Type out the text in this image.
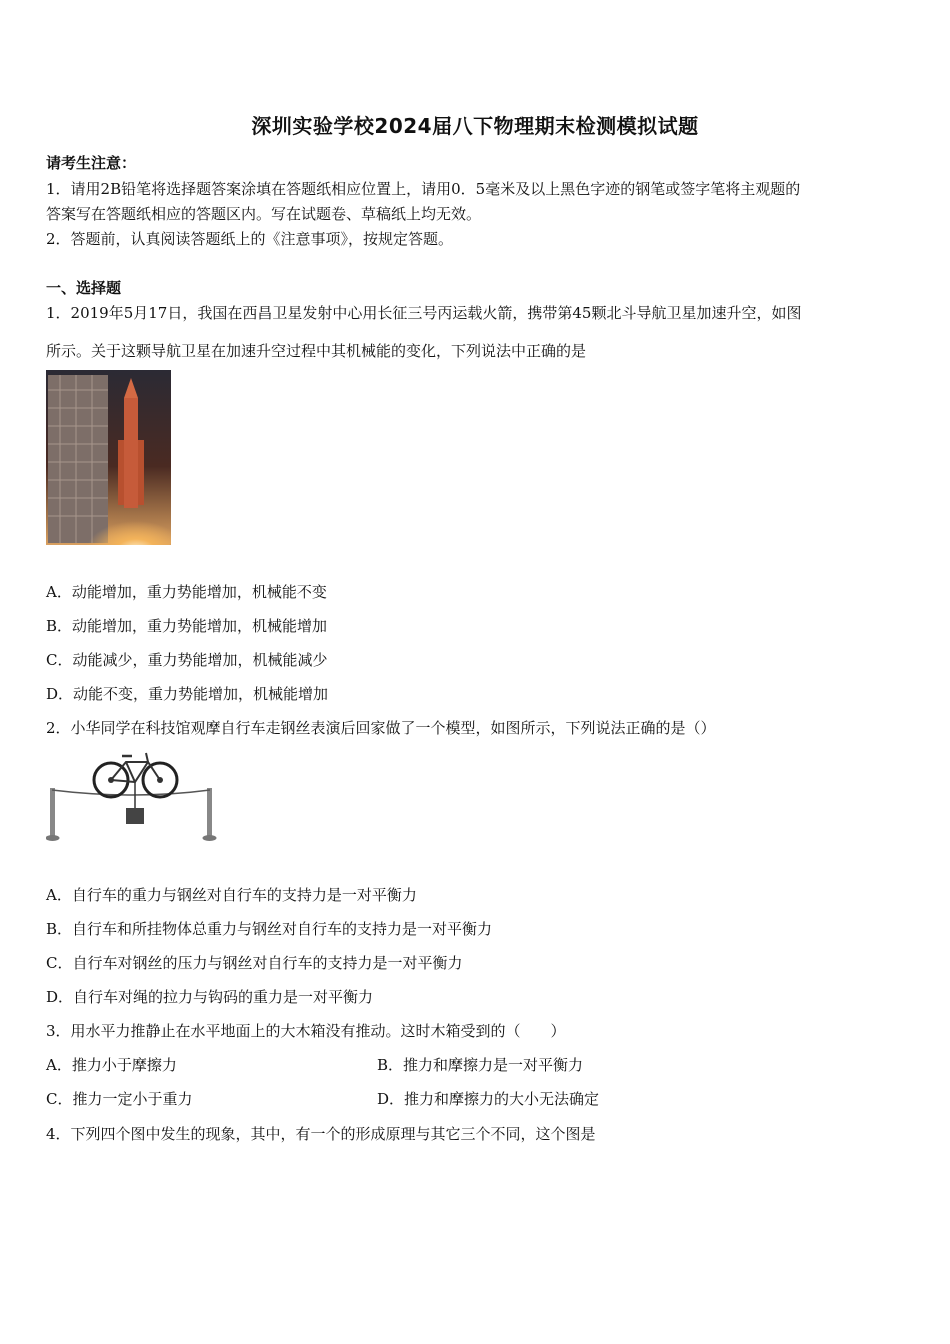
深圳实验学校2024届八下物理期末检测模拟试题
请考生注意：
1．请用2B铅笔将选择题答案涂填在答题纸相应位置上，请用0．5毫米及以上黑色字迹的钢笔或签字笔将主观题的
答案写在答题纸相应的答题区内。写在试题卷、草稿纸上均无效。
2．答题前，认真阅读答题纸上的《注意事项》，按规定答题。
一、选择题
1．2019年5月17日，我国在西昌卫星发射中心用长征三号丙运载火箭，携带第45颗北斗导航卫星加速升空，如图
所示。关于这颗导航卫星在加速升空过程中其机械能的变化，下列说法中正确的是
A．动能增加，重力势能增加，机械能不变
B．动能增加，重力势能增加，机械能增加
C．动能减少，重力势能增加，机械能减少
D．动能不变，重力势能增加，机械能增加
2．小华同学在科技馆观摩自行车走钢丝表演后回家做了一个模型，如图所示，下列说法正确的是（）
A．自行车的重力与钢丝对自行车的支持力是一对平衡力
B．自行车和所挂物体总重力与钢丝对自行车的支持力是一对平衡力
C．自行车对钢丝的压力与钢丝对自行车的支持力是一对平衡力
D．自行车对绳的拉力与钩码的重力是一对平衡力
3．用水平力推静止在水平地面上的大木箱没有推动。这时木箱受到的（　　）
A．推力小于摩擦力	B．推力和摩擦力是一对平衡力
C．推力一定小于重力	D．推力和摩擦力的大小无法确定
4．下列四个图中发生的现象，其中，有一个的形成原理与其它三个不同，这个图是
